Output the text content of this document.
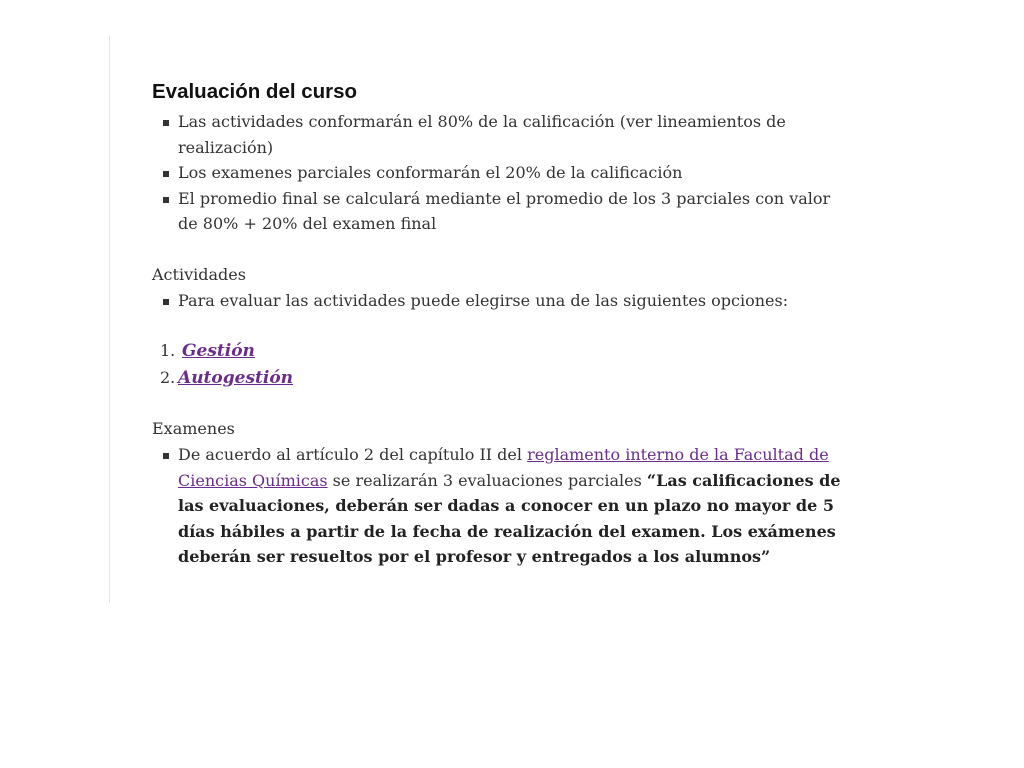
Evaluación del curso
Las actividades conformarán el 80% de la calificación (ver lineamientos de realización)
Los examenes parciales conformarán el 20% de la calificación
El promedio final se calculará mediante el promedio de los 3 parciales con valor de 80% + 20% del examen final

Actividades

Para evaluar las actividades puede elegirse una de las siguientes opciones:
1. Gestión
2. Autogestión

Examenes

De acuerdo al artículo 2 del capítulo II del reglamento interno de la Facultad de Ciencias Químicas se realizarán 3 evaluaciones parciales “Las calificaciones de las evaluaciones, deberán ser dadas a conocer en un plazo no mayor de 5 días hábiles a partir de la fecha de realización del examen. Los exámenes deberán ser resueltos por el profesor y entregados a los alumnos”
